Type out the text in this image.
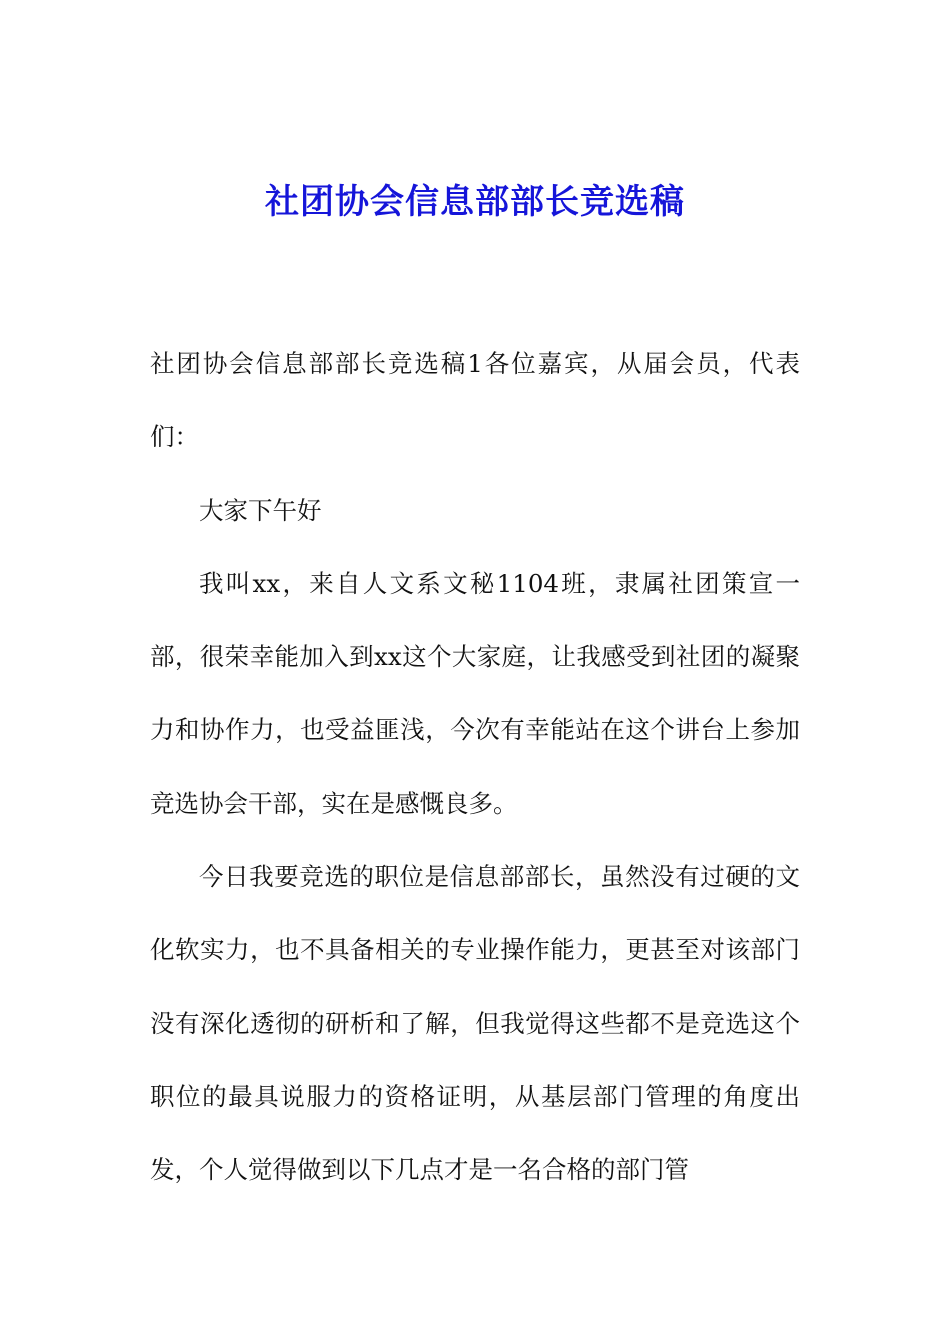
社团协会信息部部长竞选稿

社团协会信息部部长竞选稿1各位嘉宾，从届会员，代表们：

大家下午好

我叫xx，来自人文系文秘1104班，隶属社团策宣一部，很荣幸能加入到xx这个大家庭，让我感受到社团的凝聚力和协作力，也受益匪浅，今次有幸能站在这个讲台上参加竞选协会干部，实在是感慨良多。

今日我要竞选的职位是信息部部长，虽然没有过硬的文化软实力，也不具备相关的专业操作能力，更甚至对该部门没有深化透彻的研析和了解，但我觉得这些都不是竞选这个职位的最具说服力的资格证明，从基层部门管理的角度出发，个人觉得做到以下几点才是一名合格的部门管
